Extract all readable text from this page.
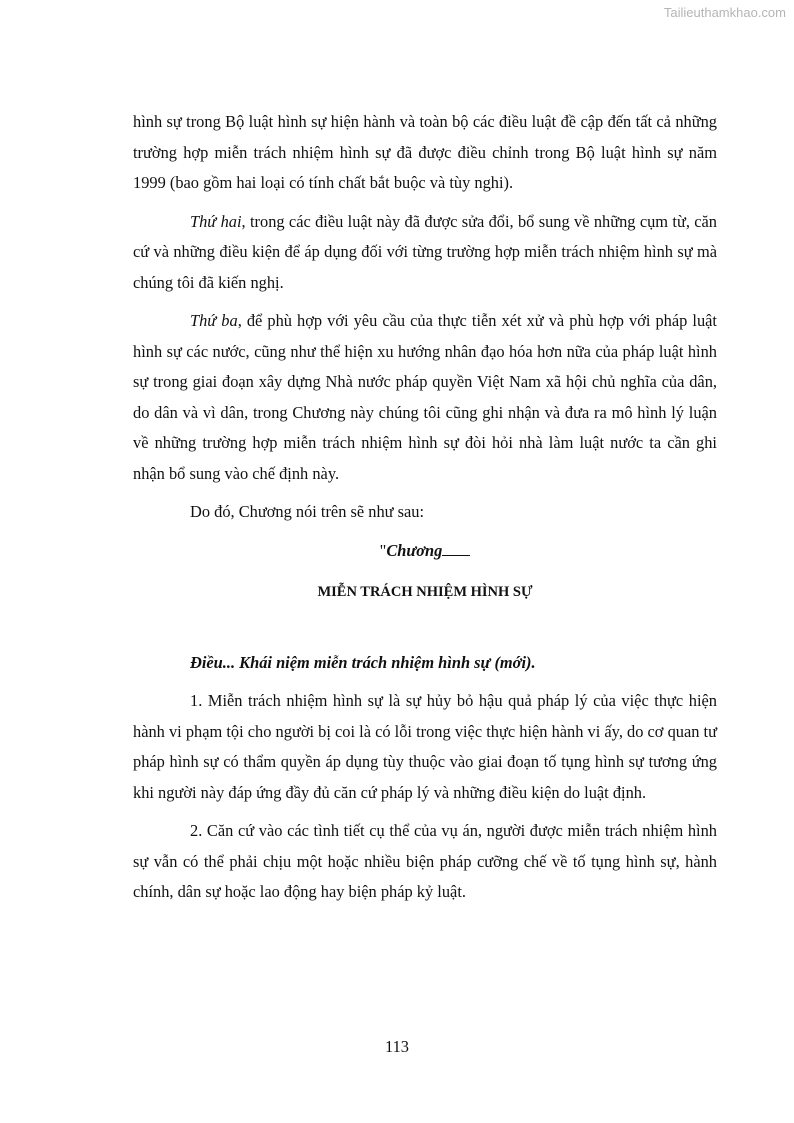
Tailieuthamkhao.com

hình sự trong Bộ luật hình sự hiện hành và toàn bộ các điều luật đề cập đến tất cả những trường hợp miễn trách nhiệm hình sự đã được điều chỉnh trong Bộ luật hình sự năm 1999 (bao gồm hai loại có tính chất bắt buộc và tùy nghi).

Thứ hai, trong các điều luật này đã được sửa đổi, bổ sung về những cụm từ, căn cứ và những điều kiện để áp dụng đối với từng trường hợp miễn trách nhiệm hình sự mà chúng tôi đã kiến nghị.

Thứ ba, để phù hợp với yêu cầu của thực tiễn xét xử và phù hợp với pháp luật hình sự các nước, cũng như thể hiện xu hướng nhân đạo hóa hơn nữa của pháp luật hình sự trong giai đoạn xây dựng Nhà nước pháp quyền Việt Nam xã hội chủ nghĩa của dân, do dân và vì dân, trong Chương này chúng tôi cũng ghi nhận và đưa ra mô hình lý luận về những trường hợp miễn trách nhiệm hình sự đòi hỏi nhà làm luật nước ta cần ghi nhận bổ sung vào chế định này.

Do đó, Chương nói trên sẽ như sau:

"Chương
MIỄN TRÁCH NHIỆM HÌNH SỰ

Điều... Khái niệm miễn trách nhiệm hình sự (mới).

1. Miễn trách nhiệm hình sự là sự hủy bỏ hậu quả pháp lý của việc thực hiện hành vi phạm tội cho người bị coi là có lỗi trong việc thực hiện hành vi ấy, do cơ quan tư pháp hình sự có thẩm quyền áp dụng tùy thuộc vào giai đoạn tố tụng hình sự tương ứng khi người này đáp ứng đầy đủ căn cứ pháp lý và những điều kiện do luật định.

2. Căn cứ vào các tình tiết cụ thể của vụ án, người được miễn trách nhiệm hình sự vẫn có thể phải chịu một hoặc nhiều biện pháp cưỡng chế về tố tụng hình sự, hành chính, dân sự hoặc lao động hay biện pháp kỷ luật.

113
